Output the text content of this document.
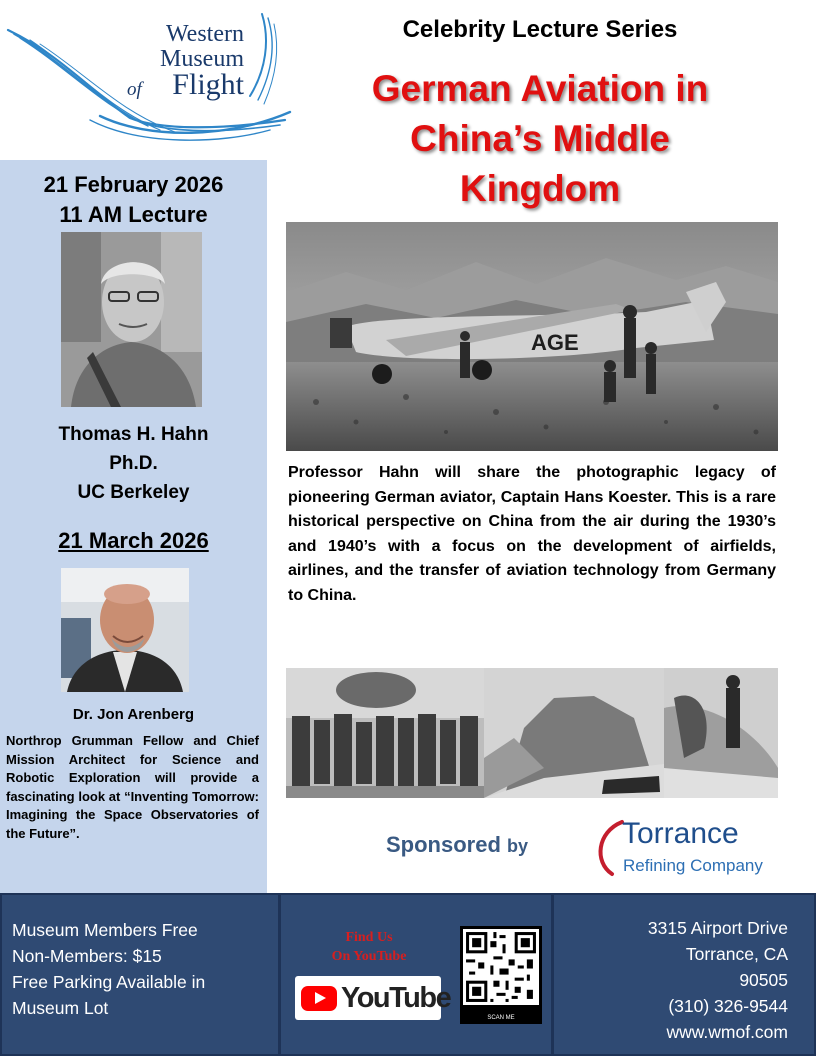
Western
Museum
of Flight
Celebrity Lecture Series
German Aviation in
China’s Middle
Kingdom
21 February 2026
11 AM Lecture
Thomas H. Hahn
Ph.D.
UC Berkeley
21 March 2026
Dr. Jon Arenberg
Northrop Grumman Fellow and Chief Mission Architect for Science and Robotic Exploration will provide a fascinating look at “Inventing Tomorrow: Imagining the Space Observatories of the Future”.
AGE
Professor Hahn will share the photographic legacy of pioneering German aviator, Captain Hans Koester. This is a rare historical perspective on China from the air during the 1930’s and 1940’s with a focus on the development of airfields, airlines, and the transfer of aviation technology from Germany to China.
Sponsored by	Torrance
Refining Company
Museum Members Free
Non-Members: $15
Free Parking Available in
Museum Lot
3315 Airport Drive
Torrance, CA
90505
(310) 326-9544
www.wmof.com
Find Us
On YouTube
YouTube
SCAN ME
